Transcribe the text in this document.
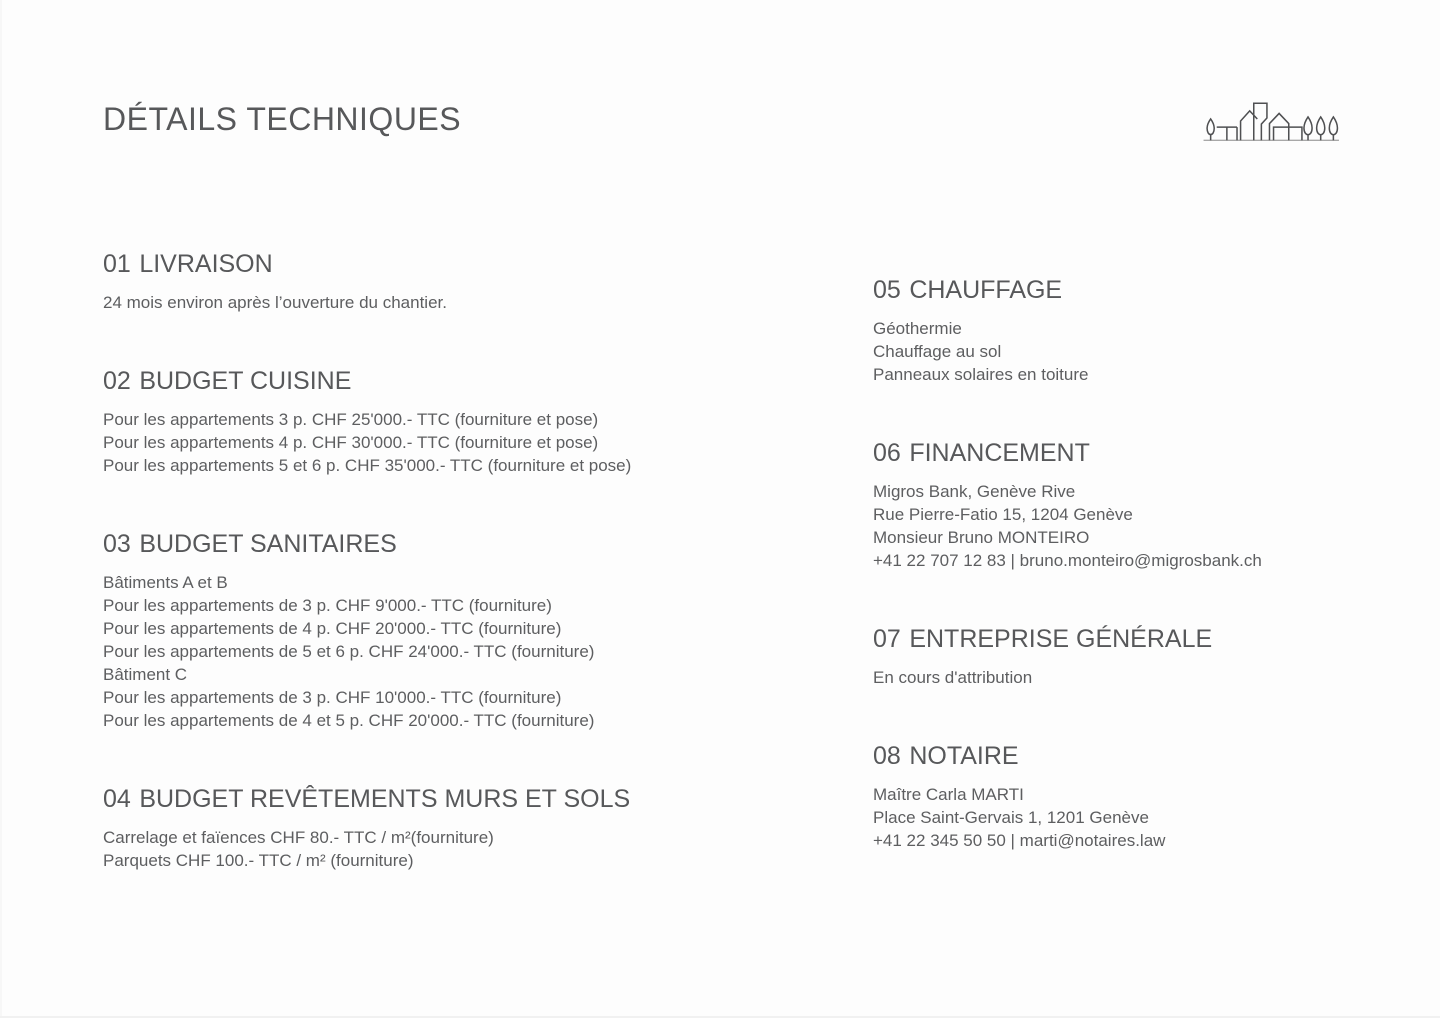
DÉTAILS TECHNIQUES
01 LIVRAISON

24 mois environ après l’ouverture du chantier.

02 BUDGET CUISINE

Pour les appartements 3 p. CHF 25'000.- TTC (fourniture et pose)

Pour les appartements 4 p. CHF 30'000.- TTC (fourniture et pose)

Pour les appartements 5 et 6 p. CHF 35'000.- TTC (fourniture et pose)

03 BUDGET SANITAIRES

Bâtiments A et B

Pour les appartements de 3 p. CHF 9'000.- TTC (fourniture)

Pour les appartements de 4 p. CHF 20'000.- TTC (fourniture)

Pour les appartements de 5 et 6 p. CHF 24'000.- TTC (fourniture)

Bâtiment C

Pour les appartements de 3 p. CHF 10'000.- TTC (fourniture)

Pour les appartements de 4 et 5 p. CHF 20'000.- TTC (fourniture)

04 BUDGET REVÊTEMENTS MURS ET SOLS

Carrelage et faïences CHF 80.- TTC / m²(fourniture)

Parquets CHF 100.- TTC / m² (fourniture)

05 CHAUFFAGE

Géothermie

Chauffage au sol

Panneaux solaires en toiture

06 FINANCEMENT

Migros Bank, Genève Rive

Rue Pierre-Fatio 15, 1204 Genève

Monsieur Bruno MONTEIRO

+41 22 707 12 83 | bruno.monteiro@migrosbank.ch

07 ENTREPRISE GÉNÉRALE

En cours d'attribution

08 NOTAIRE

Maître Carla MARTI

Place Saint-Gervais 1, 1201 Genève

+41 22 345 50 50 | marti@notaires.law
